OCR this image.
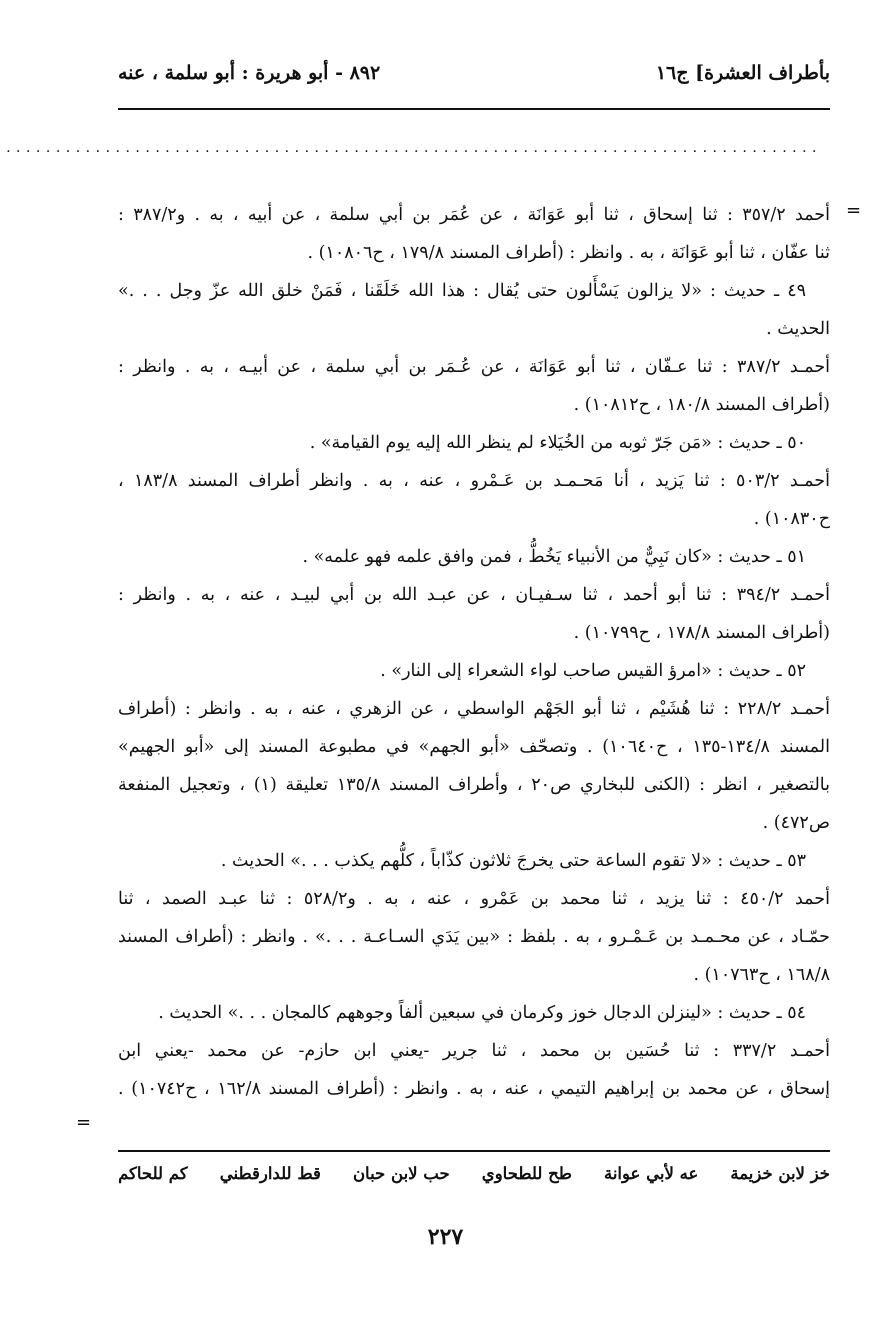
بأطراف العشرة] ج١٦
٨٩٢ - أبو هريرة : أبو سلمة ، عنه
..................................................................................
=
أحمد ٣٥٧/٢ : ثنا إسحاق ، ثنا أبو عَوَانَة ، عن عُمَر بن أبي سلمة ، عن أبيه ، به . و٣٨٧/٢ :
ثنا عفّان ، ثنا أبو عَوَانَة ، به . وانظر : (أطراف المسند ١٧٩/٨ ، ح١٠٨٠٦) .
٤٩ ـ حديث : «لا يزالون يَسْأَلون حتى يُقال : هذا الله خَلَقَنا ، فَمَنْ خلق الله عزّ وجل . . .»
الحديث .
أحمـد ٣٨٧/٢ : ثنا عـفّان ، ثنا أبو عَوَانَة ، عن عُـمَر بن أبي سلمة ، عن أبيـه ، به . وانظر :
(أطراف المسند ١٨٠/٨ ، ح١٠٨١٢) .
٥٠ ـ حديث : «مَن جَرّ ثوبه من الخُيَلاء لم ينظر الله إليه يوم القيامة» .
أحمـد ٥٠٣/٢ : ثنا يَزيد ، أنا مَحـمـد بن عَـمْرو ، عنه ، به . وانظر أطراف المسند ١٨٣/٨ ،
ح١٠٨٣٠) .
٥١ ـ حديث : «كان نَبِيٌّ من الأنبياء يَخُطُّ ، فمن وافق علمه فهو علمه» .
أحمـد ٣٩٤/٢ : ثنا أبو أحمد ، ثنا سـفيـان ، عن عبـد الله بن أبي لبيـد ، عنه ، به . وانظر :
(أطراف المسند ١٧٨/٨ ، ح١٠٧٩٩) .
٥٢ ـ حديث : «امرؤ القيس صاحب لواء الشعراء إلى النار» .
أحمـد ٢٢٨/٢ : ثنا هُشَيْم ، ثنا أبو الجَهْم الواسطي ، عن الزهري ، عنه ، به . وانظر : (أطراف
المسند ١٣٤/٨-١٣٥ ، ح١٠٦٤٠) . وتصحّف «أبو الجهم» في مطبوعة المسند إلى «أبو الجهيم»
بالتصغير ، انظر : (الكنى للبخاري ص٢٠ ، وأطراف المسند ١٣٥/٨ تعليقة (١) ، وتعجيل المنفعة
ص٤٧٢) .
٥٣ ـ حديث : «لا تقوم الساعة حتى يخرجَ ثلاثون كذّاباً ، كلُّهم يكذب . . .» الحديث .
أحمد ٤٥٠/٢ : ثنا يزيد ، ثنا محمد بن عَمْرو ، عنه ، به . و٥٢٨/٢ : ثنا عبـد الصمد ، ثنا
حمّـاد ، عن محـمـد بن عَـمْـرو ، به . بلفظ : «بين يَدَي السـاعـة . . .» . وانظر : (أطراف المسند
١٦٨/٨ ، ح١٠٧٦٣) .
٥٤ ـ حديث : «لينزلن الدجال خوز وكرمان في سبعين ألفاً وجوههم كالمجان . . .» الحديث .
أحمـد ٣٣٧/٢ : ثنا حُسَين بن محمد ، ثنا جرير -يعني ابن حازم- عن محمد -يعني ابن
إسحاق ، عن محمد بن إبراهيم التيمي ، عنه ، به . وانظر : (أطراف المسند ١٦٢/٨ ، ح١٠٧٤٢) .
=
خز لابن خزيمة
عه لأبي عوانة
طح للطحاوي
حب لابن حبان
قط للدارقطني
كم للحاكم
٢٢٧
